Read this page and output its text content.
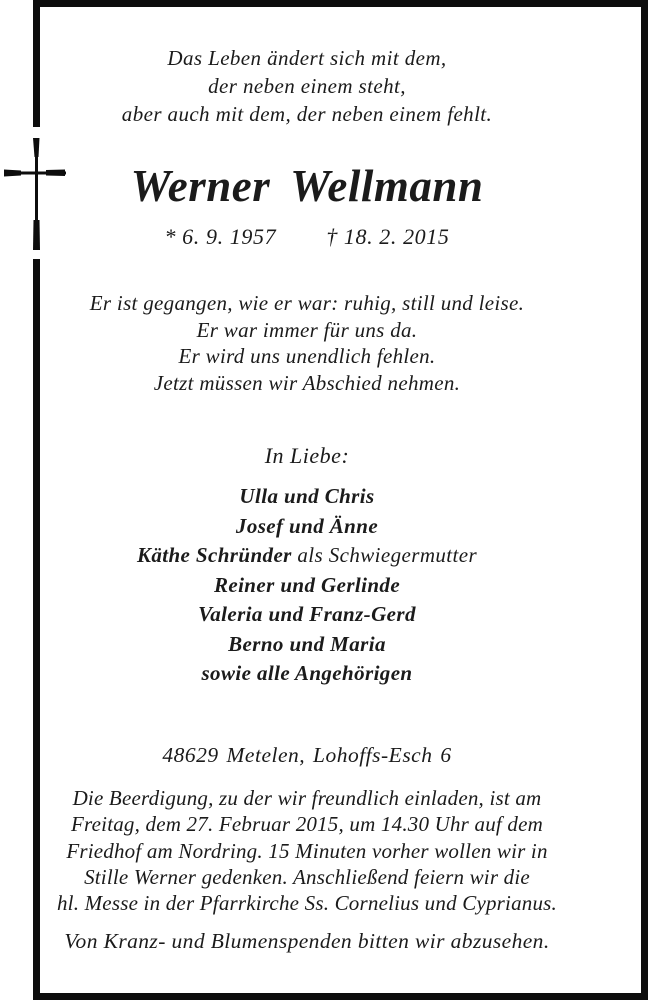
Das Leben ändert sich mit dem,
der neben einem steht,
aber auch mit dem, der neben einem fehlt.
Werner Wellmann
* 6. 9. 1957 † 18. 2. 2015
Er ist gegangen, wie er war: ruhig, still und leise.
Er war immer für uns da.
Er wird uns unendlich fehlen.
Jetzt müssen wir Abschied nehmen.
In Liebe:
Ulla und Chris
Josef und Änne
Käthe Schründer als Schwiegermutter
Reiner und Gerlinde
Valeria und Franz-Gerd
Berno und Maria
sowie alle Angehörigen
48629 Metelen, Lohoffs-Esch 6
Die Beerdigung, zu der wir freundlich einladen, ist am
Freitag, dem 27. Februar 2015, um 14.30 Uhr auf dem
Friedhof am Nordring. 15 Minuten vorher wollen wir in
Stille Werner gedenken. Anschließend feiern wir die
hl. Messe in der Pfarrkirche Ss. Cornelius und Cyprianus.
Von Kranz- und Blumenspenden bitten wir abzusehen.
